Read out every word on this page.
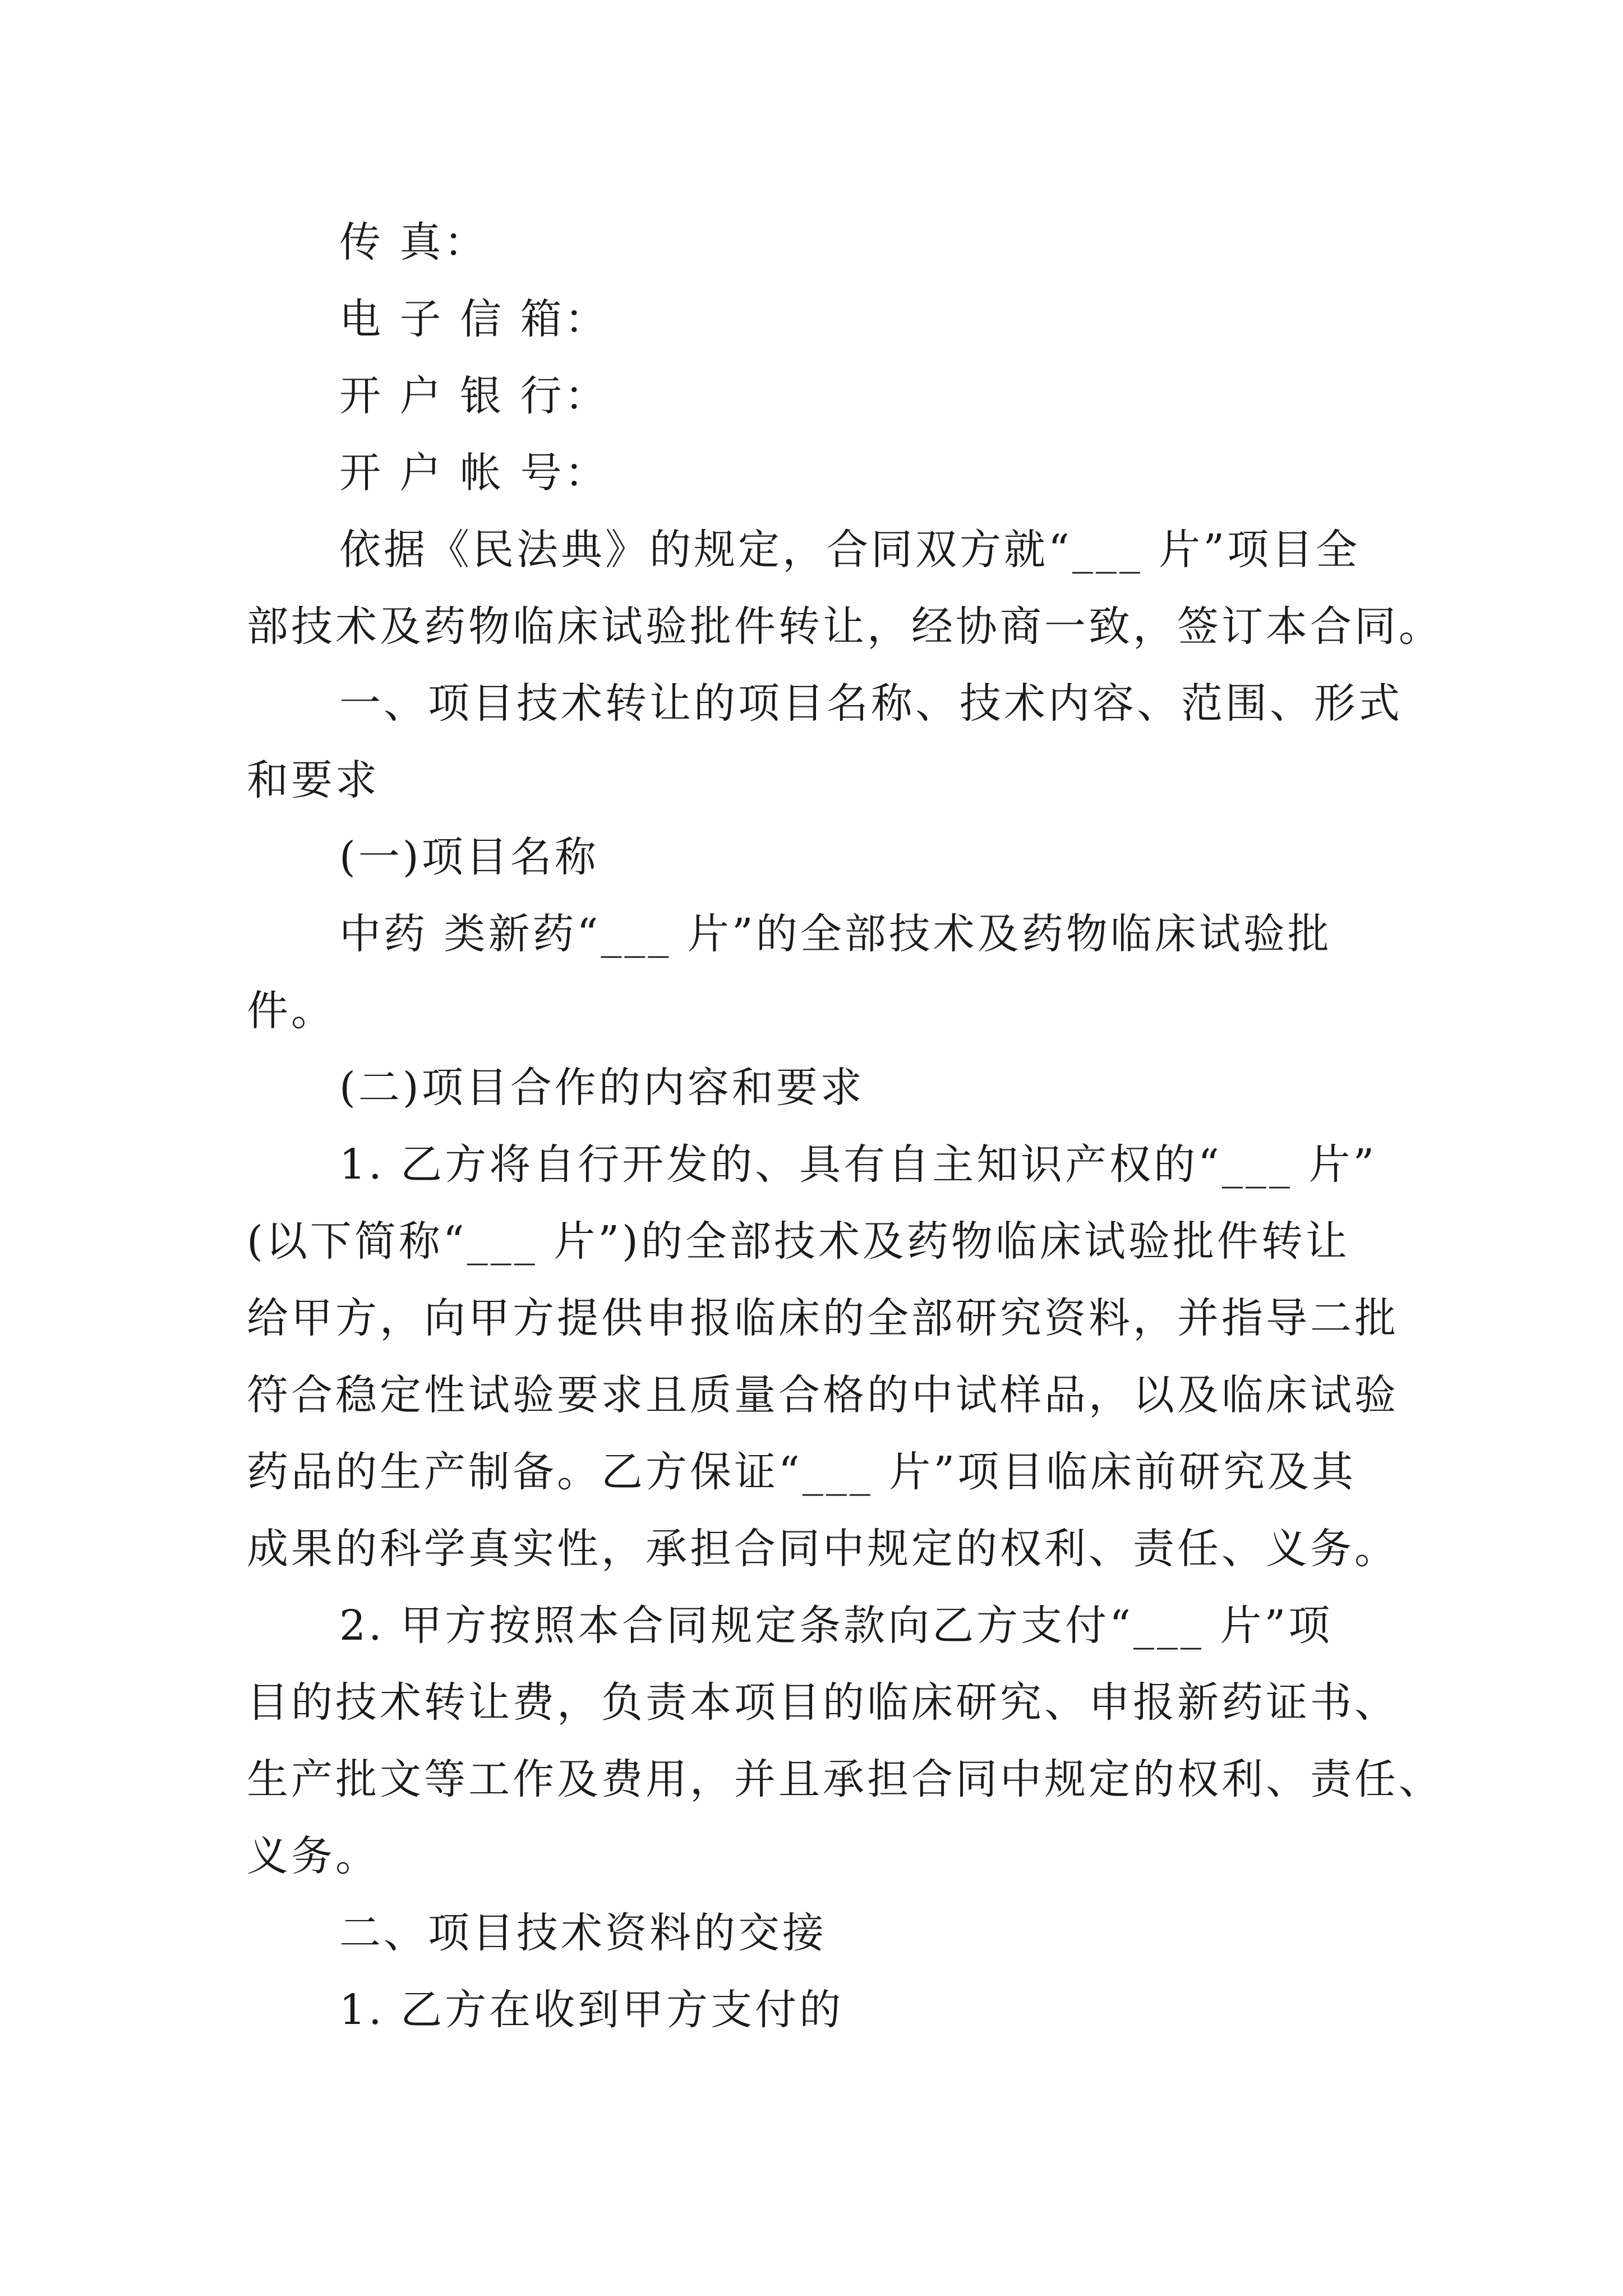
传 真：
电 子 信 箱：
开 户 银 行：
开 户 帐 号：
依据《民法典》的规定，合同双方就“___ 片”项目全
部技术及药物临床试验批件转让，经协商一致，签订本合同。
一、项目技术转让的项目名称、技术内容、范围、形式
和要求
(一)项目名称
中药 类新药“___ 片”的全部技术及药物临床试验批
件。
(二)项目合作的内容和要求
1. 乙方将自行开发的、具有自主知识产权的“___ 片”
(以下简称“___ 片”)的全部技术及药物临床试验批件转让
给甲方，向甲方提供申报临床的全部研究资料，并指导二批
符合稳定性试验要求且质量合格的中试样品，以及临床试验
药品的生产制备。乙方保证“___ 片”项目临床前研究及其
成果的科学真实性，承担合同中规定的权利、责任、义务。
2. 甲方按照本合同规定条款向乙方支付“___ 片”项
目的技术转让费，负责本项目的临床研究、申报新药证书、
生产批文等工作及费用，并且承担合同中规定的权利、责任、
义务。
二、项目技术资料的交接
1. 乙方在收到甲方支付的
